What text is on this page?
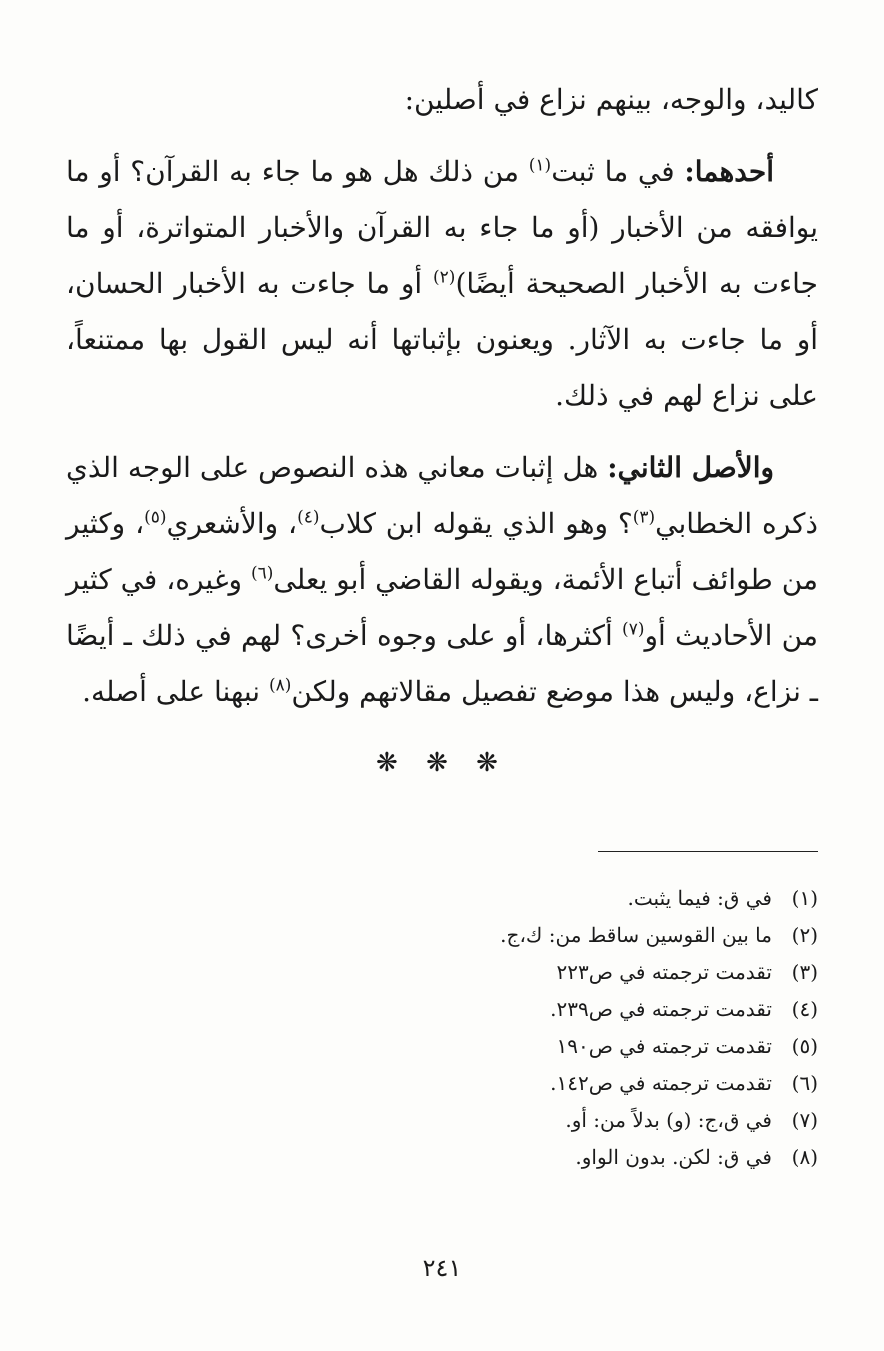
كاليد، والوجه، بينهم نزاع في أصلين:

أحدهما: في ما ثبت$^{(١)}$ من ذلك هل هو ما جاء به القرآن؟ أو ما يوافقه من الأخبار (أو ما جاء به القرآن والأخبار المتواترة، أو ما جاءت به الأخبار الصحيحة أيضًا)$^{(٢)}$ أو ما جاءت به الأخبار الحسان، أو ما جاءت به الآثار. ويعنون بإثباتها أنه ليس القول بها ممتنعاً، على نزاع لهم في ذلك.

والأصل الثاني: هل إثبات معاني هذه النصوص على الوجه الذي ذكره الخطابي$^{(٣)}$؟ وهو الذي يقوله ابن كلاب$^{(٤)}$، والأشعري$^{(٥)}$، وكثير من طوائف أتباع الأئمة، ويقوله القاضي أبو يعلى$^{(٦)}$ وغيره، في كثير من الأحاديث أو$^{(٧)}$ أكثرها، أو على وجوه أخرى؟ لهم في ذلك ـ أيضًا ـ نزاع، وليس هذا موضع تفصيل مقالاتهم ولكن$^{(٨)}$ نبهنا على أصله.

❋ ❋ ❋
(١)
في ق: فيما يثبت.
(٢)
ما بين القوسين ساقط من: ك،ج.
(٣)
تقدمت ترجمته في ص٢٢٣
(٤)
تقدمت ترجمته في ص٢٣٩.
(٥)
تقدمت ترجمته في ص١٩٠
(٦)
تقدمت ترجمته في ص١٤٢.
(٧)
في ق،ج: (و) بدلاً من: أو.
(٨)
في ق: لكن. بدون الواو.
٢٤١
